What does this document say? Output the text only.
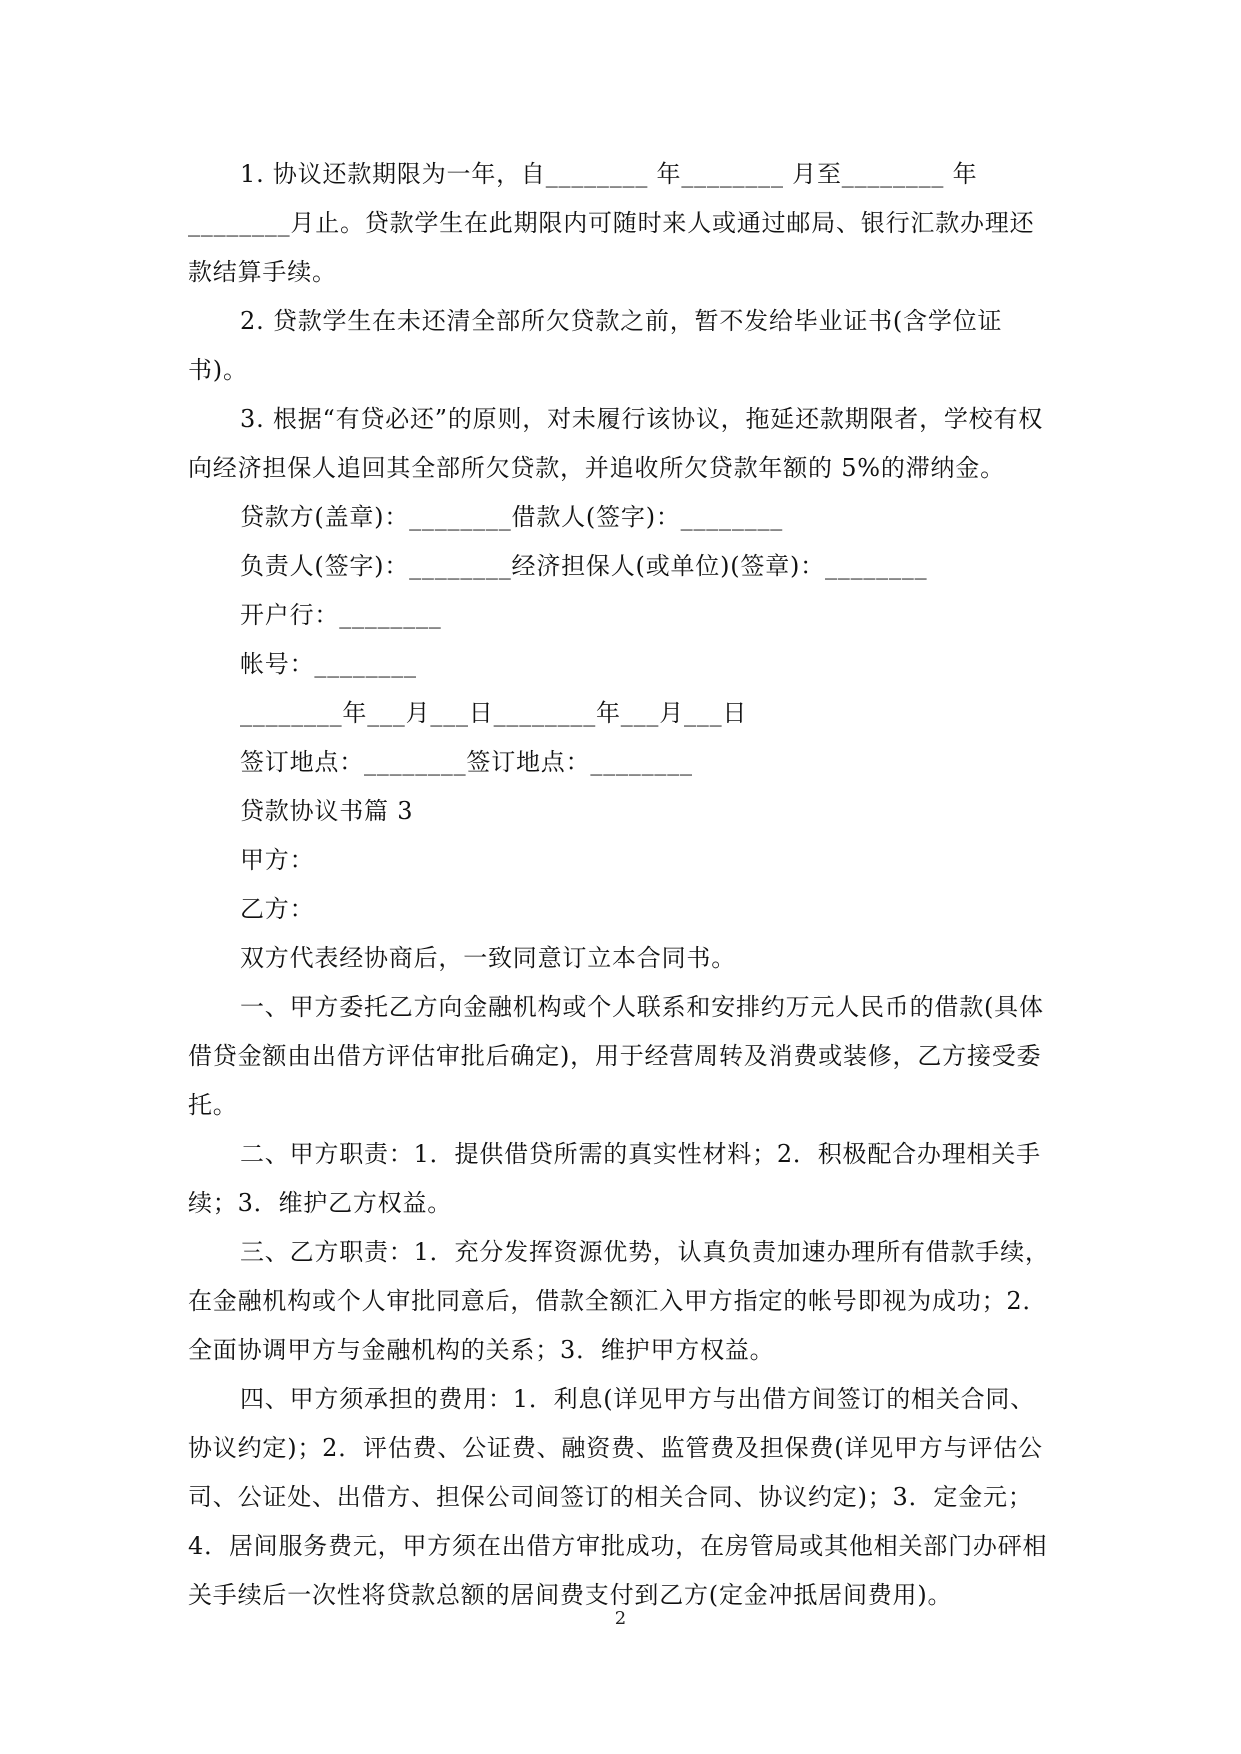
1. 协议还款期限为一年，自________ 年________ 月至________ 年________月止。贷款学生在此期限内可随时来人或通过邮局、银行汇款办理还款结算手续。

2. 贷款学生在未还清全部所欠贷款之前，暂不发给毕业证书(含学位证书)。

3. 根据“有贷必还”的原则，对未履行该协议，拖延还款期限者，学校有权向经济担保人追回其全部所欠贷款，并追收所欠贷款年额的 5%的滞纳金。

贷款方(盖章)：________借款人(签字)：________

负责人(签字)：________经济担保人(或单位)(签章)：________

开户行：________

帐号：________

________年___月___日________年___月___日

签订地点：________签订地点：________

贷款协议书篇 3

甲方：

乙方：

双方代表经协商后，一致同意订立本合同书。

一、甲方委托乙方向金融机构或个人联系和安排约万元人民币的借款(具体借贷金额由出借方评估审批后确定)，用于经营周转及消费或装修，乙方接受委托。

二、甲方职责：1．提供借贷所需的真实性材料；2．积极配合办理相关手续；3．维护乙方权益。

三、乙方职责：1．充分发挥资源优势，认真负责加速办理所有借款手续，在金融机构或个人审批同意后，借款全额汇入甲方指定的帐号即视为成功；2．全面协调甲方与金融机构的关系；3．维护甲方权益。

四、甲方须承担的费用：1．利息(详见甲方与出借方间签订的相关合同、协议约定)；2．评估费、公证费、融资费、监管费及担保费(详见甲方与评估公司、公证处、出借方、担保公司间签订的相关合同、协议约定)；3．定金元；4．居间服务费元，甲方须在出借方审批成功，在房管局或其他相关部门办砰相关手续后一次性将贷款总额的居间费支付到乙方(定金冲抵居间费用)。

2
